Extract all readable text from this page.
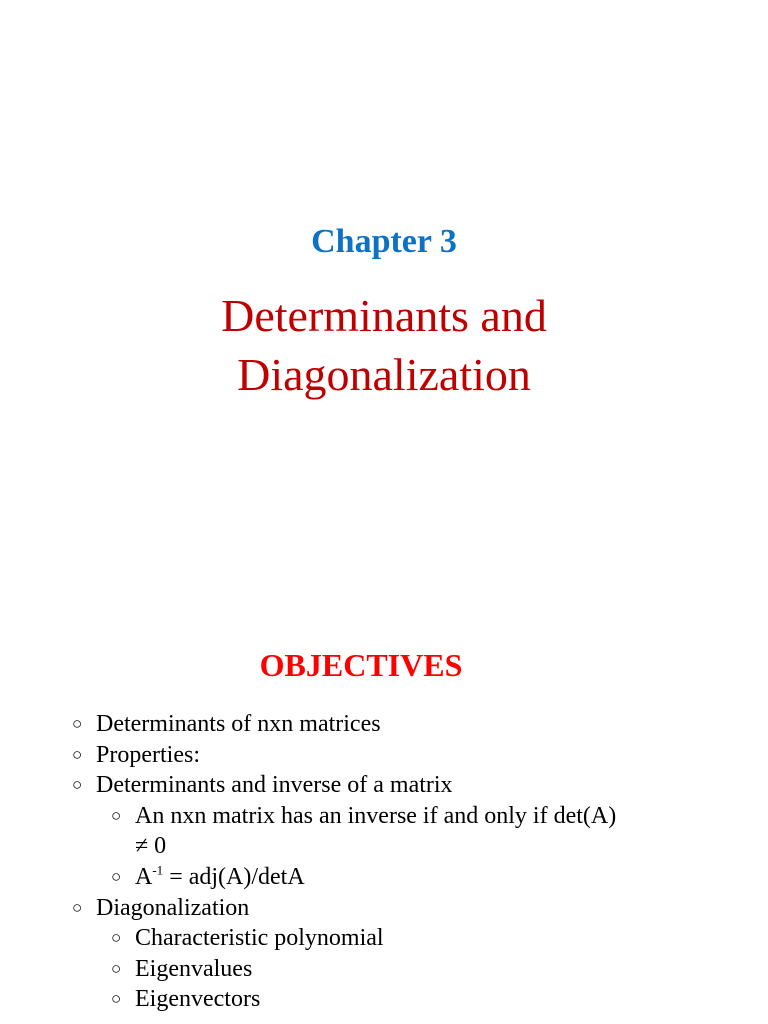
Chapter 3
Determinants and
Diagonalization
OBJECTIVES
○ Determinants of nxn matrices
○ Properties:
○ Determinants and inverse of a matrix
○ An nxn matrix has an inverse if and only if det(A)
≠ 0
○ $A^{-1} = adj(A)/\det A$
○ Diagonalization
○ Characteristic polynomial
○ Eigenvalues
○ Eigenvectors
